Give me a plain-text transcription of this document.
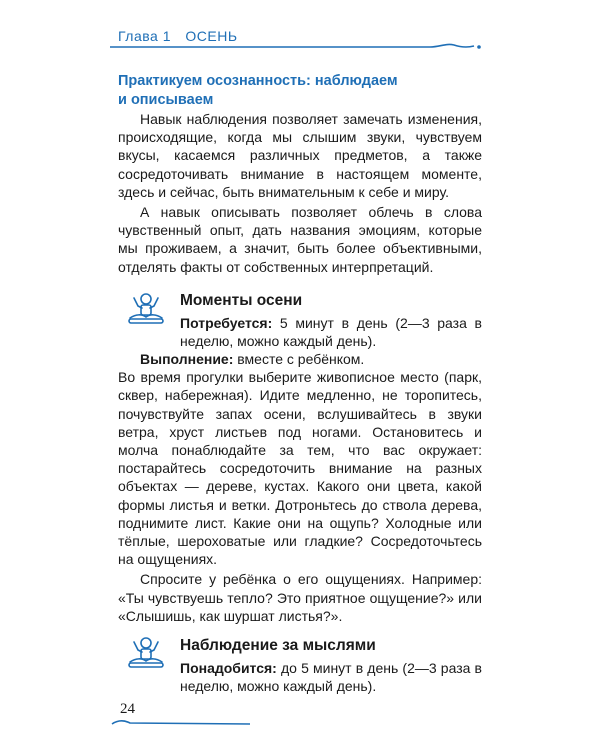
Глава 1 ОСЕНЬ
Практикуем осознанность: наблюдаем
и описываем

Навык наблюдения позволяет замечать изменения, происходящие, когда мы слышим звуки, чувствуем вкусы, касаемся различных предметов, а также сосредоточивать внимание в настоящем моменте, здесь и сейчас, быть внимательным к себе и миру.

А навык описывать позволяет облечь в слова чувственный опыт, дать названия эмоциям, которые мы проживаем, а значит, быть более объективными, отделять факты от собственных интерпретаций.

Моменты осени

Потребуется: 5 минут в день (2—3 раза в неделю, можно каждый день).

Выполнение: вместе с ребёнком.

Во время прогулки выберите живописное место (парк, сквер, набережная). Идите медленно, не торопитесь, почувствуйте запах осени, вслушивайтесь в звуки ветра, хруст листьев под ногами. Остановитесь и молча понаблюдайте за тем, что вас окружает: постарайтесь сосредоточить внимание на разных объектах — дереве, кустах. Какого они цвета, какой формы листья и ветки. Дотроньтесь до ствола дерева, поднимите лист. Какие они на ощупь? Холодные или тёплые, шероховатые или гладкие? Сосредоточьтесь на ощущениях.

Спросите у ребёнка о его ощущениях. Например: «Ты чувствуешь тепло? Это приятное ощущение?» или «Слышишь, как шуршат листья?».

Наблюдение за мыслями

Понадобится: до 5 минут в день (2—3 раза в неделю, можно каждый день).

24
